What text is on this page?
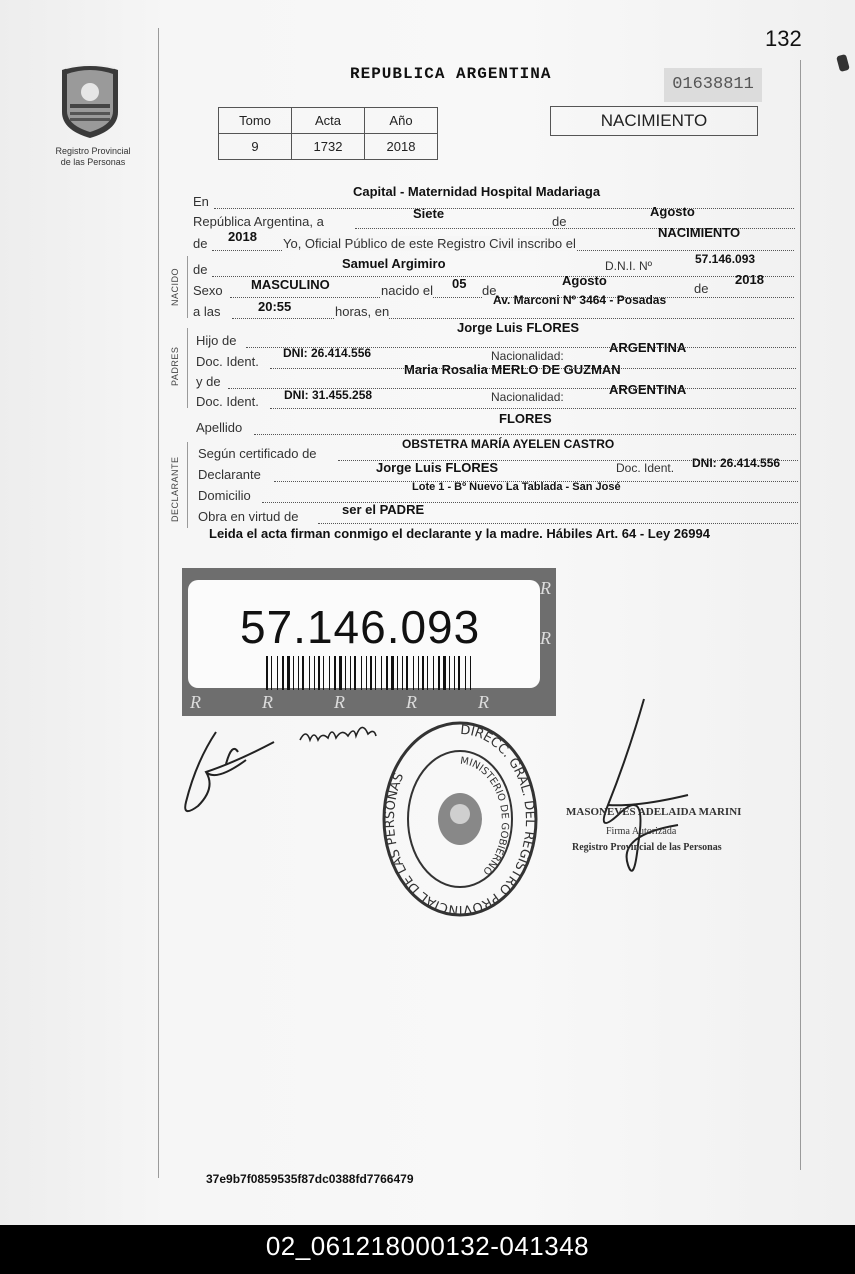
132
Registro Provincial
de las Personas
REPUBLICA ARGENTINA
01638811
NACIMIENTO
Tomo	Acta	Año
9	1732	2018
En
Capital - Maternidad Hospital Madariaga
República Argentina, a
Siete
de
Agosto
de 2018 Yo, Oficial Público de este Registro Civil inscribo el
NACIMIENTO
NACIDO de	Samuel Argimiro	D.N.I. Nº	57.146.093
Sexo MASCULINO	nacido el 05 de
Agosto
de
2018
a las	20:55	horas, en
Av. Marconi Nº 3464 - Posadas
PADRES
Hijo de
Jorge Luis FLORES
Doc. Ident.
DNI: 26.414.556	Nacionalidad:
ARGENTINA
y de
Maria Rosalia MERLO DE GUZMAN
Doc. Ident. DNI: 31.455.258	Nacionalidad:	ARGENTINA
Apellido
FLORES
DECLARANTE
Según certificado de
OBSTETRA MARÍA AYELEN CASTRO
Declarante	Jorge Luis FLORES	Doc. Ident. DNI: 26.414.556
Domicilio
Lote 1 - Bº Nuevo La Tablada - San José
Obra en virtud de	ser el PADRE
Leida el acta firman conmigo el declarante y la madre. Hábiles Art. 64 - Ley 26994
57.146.093
R	R	R	R	R
R
R
DIRECC. GRAL. DEL REGISTRO PROVINCIAL DE LAS PERSONAS
MINISTERIO DE GOBIERNO
MASONEVES ADELAIDA MARINI
Firma Autorizada
Registro Provincial de las Personas
37e9b7f0859535f87dc0388fd7766479
02_061218000132-041348
